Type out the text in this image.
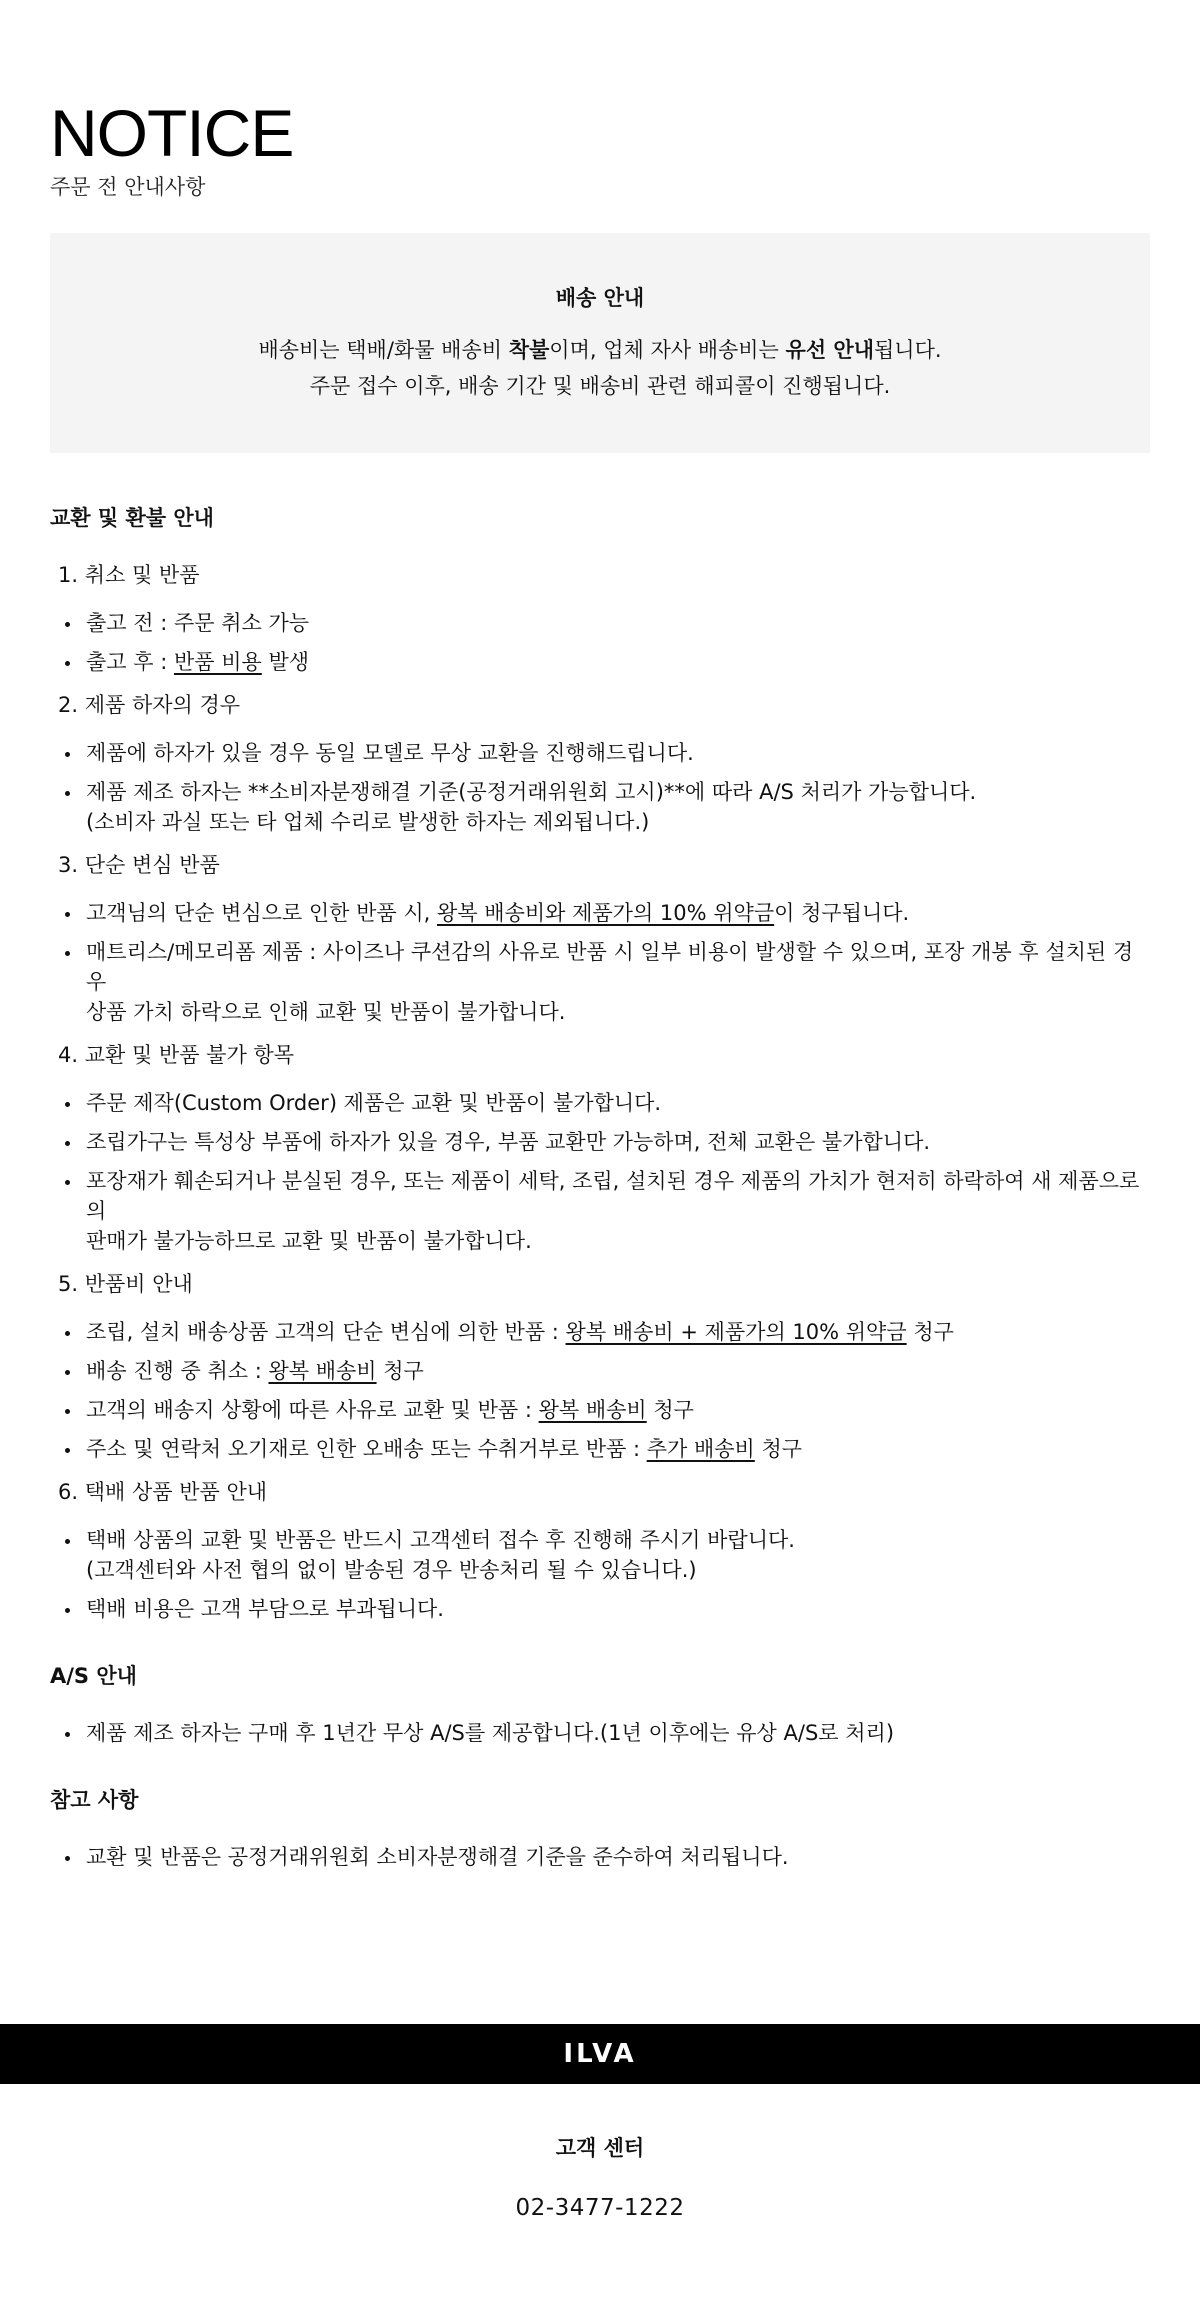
NOTICE
주문 전 안내사항
배송 안내
배송비는 택배/화물 배송비 착불이며, 업체 자사 배송비는 유선 안내됩니다.
주문 접수 이후, 배송 기간 및 배송비 관련 해피콜이 진행됩니다.
교환 및 환불 안내
1. 취소 및 반품
출고 전 : 주문 취소 가능
출고 후 : 반품 비용 발생
2. 제품 하자의 경우
제품에 하자가 있을 경우 동일 모델로 무상 교환을 진행해드립니다.
제품 제조 하자는 **소비자분쟁해결 기준(공정거래위원회 고시)**에 따라 A/S 처리가 가능합니다.
(소비자 과실 또는 타 업체 수리로 발생한 하자는 제외됩니다.)
3. 단순 변심 반품
고객님의 단순 변심으로 인한 반품 시, 왕복 배송비와 제품가의 10% 위약금이 청구됩니다.
매트리스/메모리폼 제품 : 사이즈나 쿠션감의 사유로 반품 시 일부 비용이 발생할 수 있으며, 포장 개봉 후 설치된 경우
상품 가치 하락으로 인해 교환 및 반품이 불가합니다.
4. 교환 및 반품 불가 항목
주문 제작(Custom Order) 제품은 교환 및 반품이 불가합니다.
조립가구는 특성상 부품에 하자가 있을 경우, 부품 교환만 가능하며, 전체 교환은 불가합니다.
포장재가 훼손되거나 분실된 경우, 또는 제품이 세탁, 조립, 설치된 경우 제품의 가치가 현저히 하락하여 새 제품으로의
판매가 불가능하므로 교환 및 반품이 불가합니다.
5. 반품비 안내
조립, 설치 배송상품 고객의 단순 변심에 의한 반품 : 왕복 배송비 + 제품가의 10% 위약금 청구
배송 진행 중 취소 : 왕복 배송비 청구
고객의 배송지 상황에 따른 사유로 교환 및 반품 : 왕복 배송비 청구
주소 및 연락처 오기재로 인한 오배송 또는 수취거부로 반품 : 추가 배송비 청구
6. 택배 상품 반품 안내
택배 상품의 교환 및 반품은 반드시 고객센터 접수 후 진행해 주시기 바랍니다.
(고객센터와 사전 협의 없이 발송된 경우 반송처리 될 수 있습니다.)
택배 비용은 고객 부담으로 부과됩니다.
A/S 안내
제품 제조 하자는 구매 후 1년간 무상 A/S를 제공합니다.(1년 이후에는 유상 A/S로 처리)
참고 사항
교환 및 반품은 공정거래위원회 소비자분쟁해결 기준을 준수하여 처리됩니다.
ILVA
고객 센터
02-3477-1222
